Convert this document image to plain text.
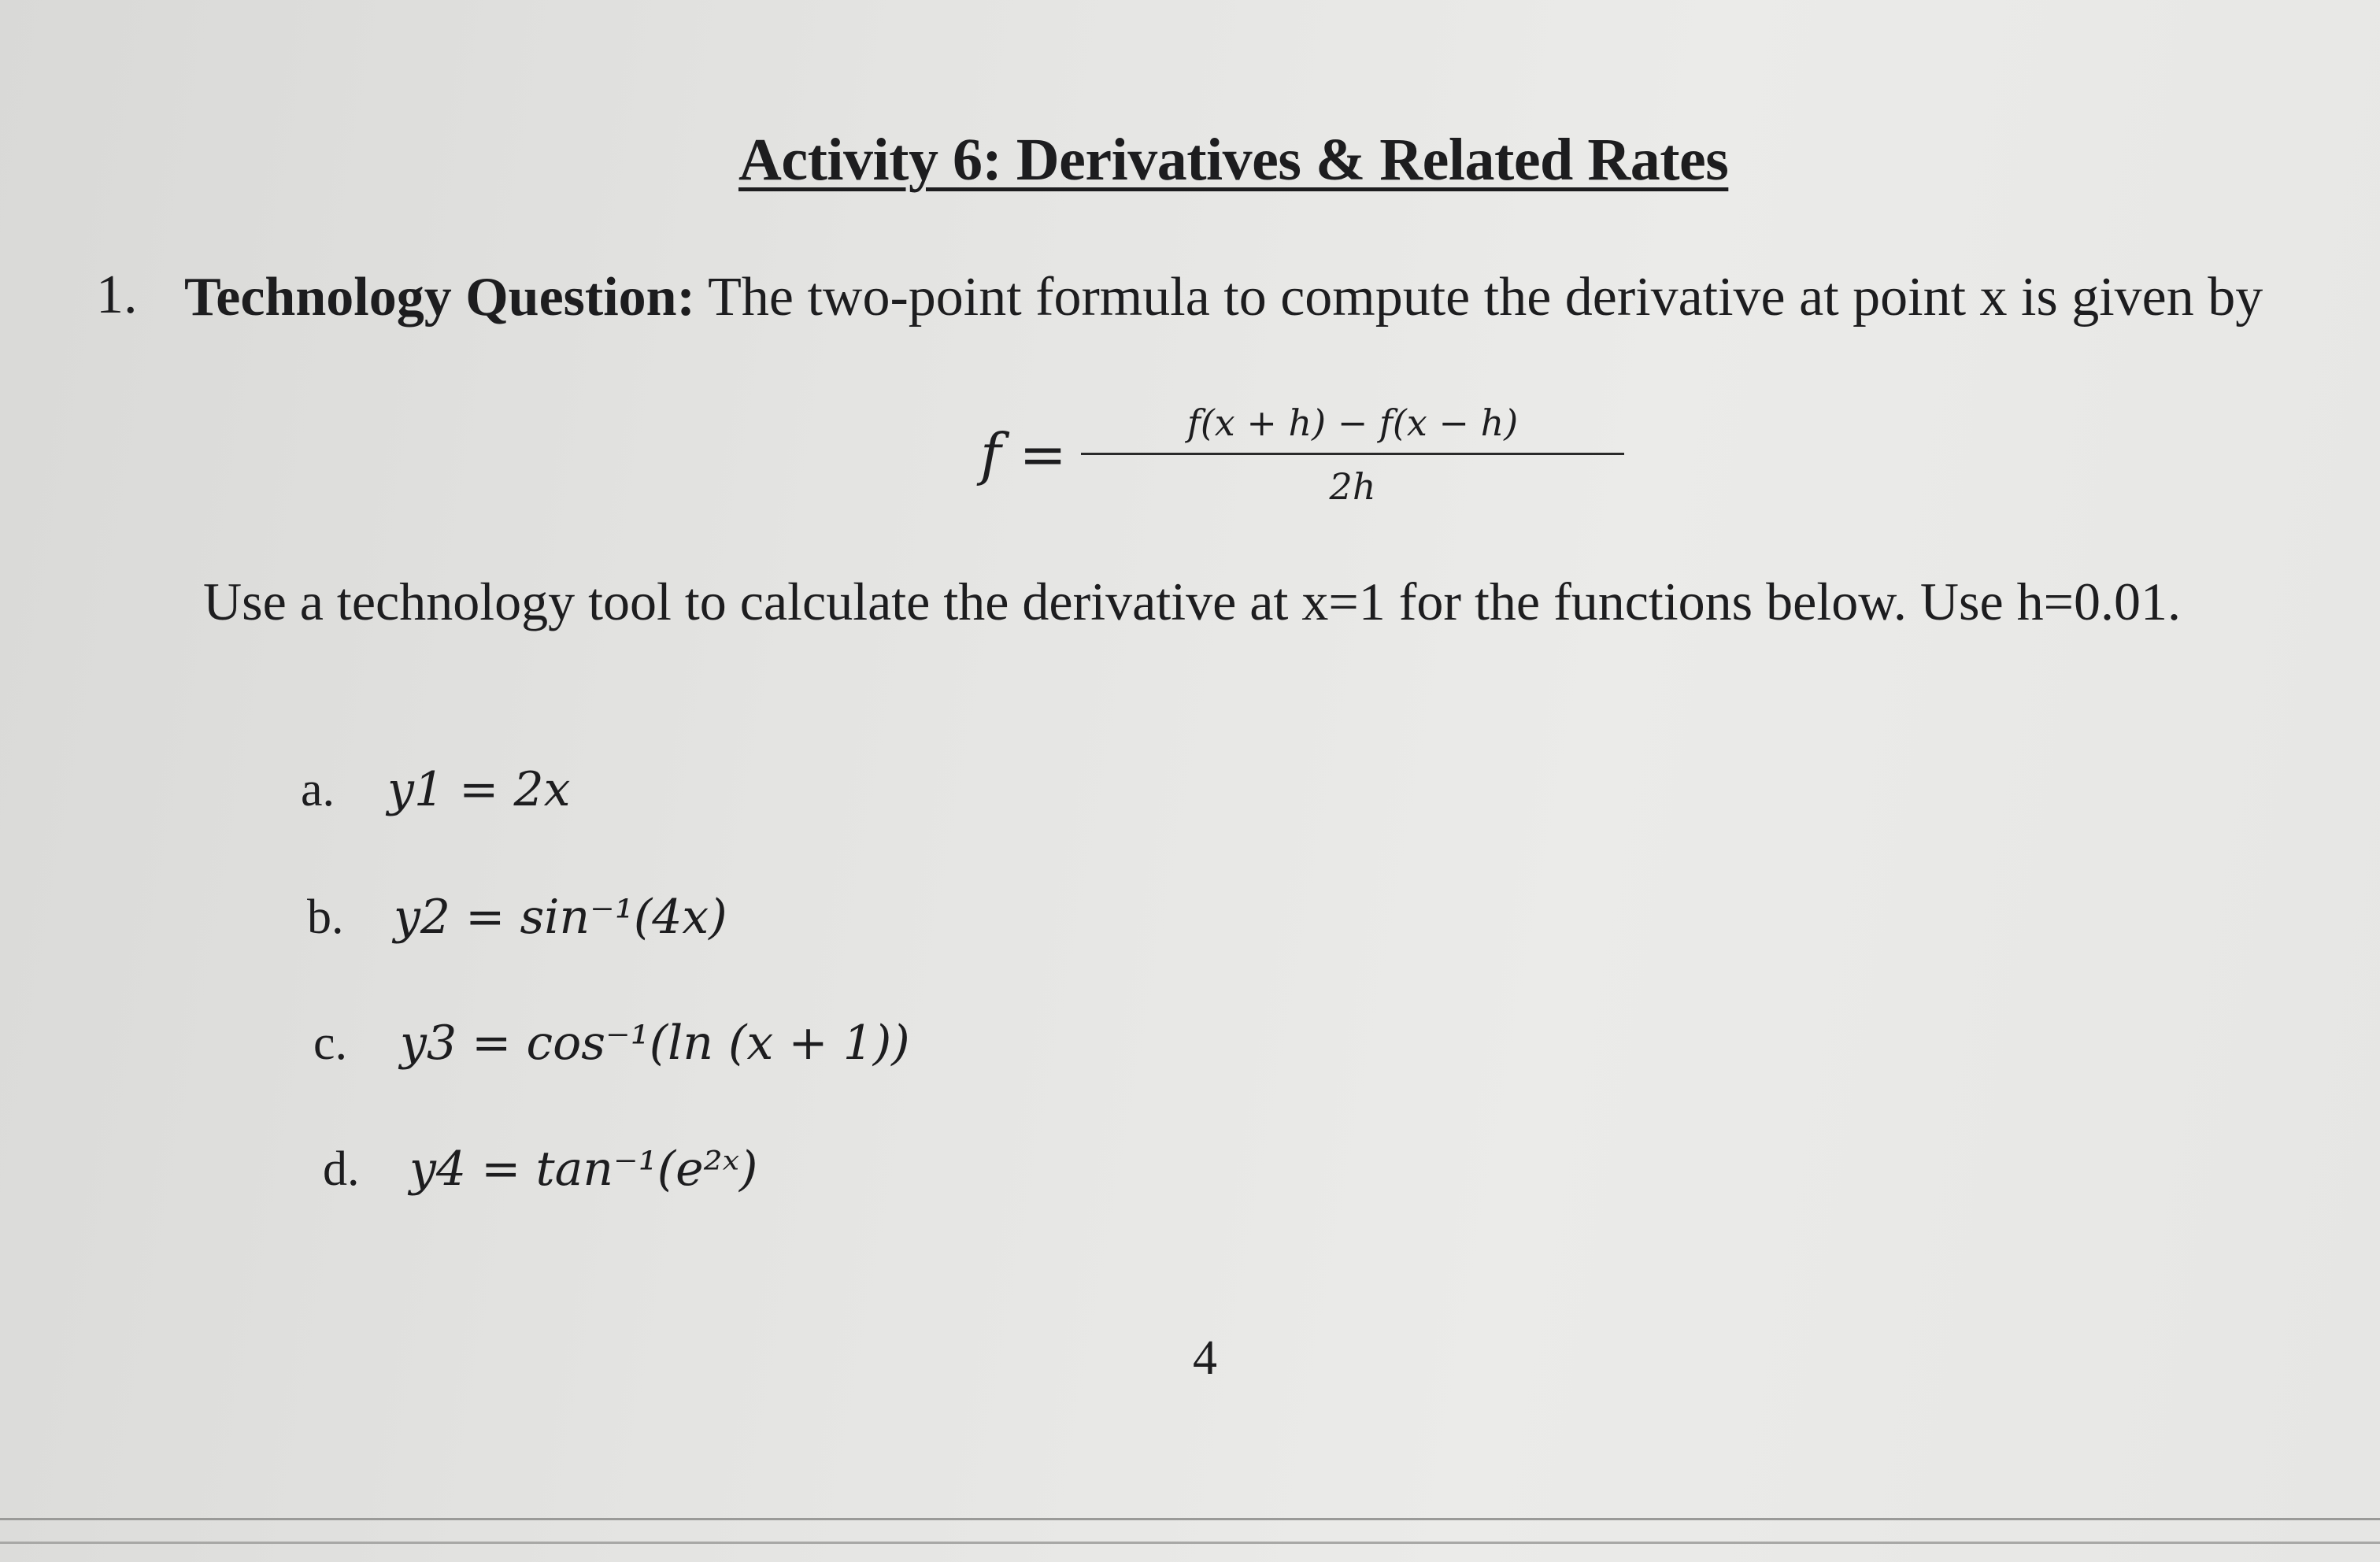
Activity 6: Derivatives & Related Rates
1. Technology Question: The two-point formula to compute the derivative at point x is given by
f =	f(x + h) − f(x − h)
2h
Use a technology tool to calculate the derivative at x=1 for the functions below. Use h=0.01.
a. y1 = 2x
b. y2 = sin⁻¹(4x)
c. y3 = cos⁻¹(ln (x + 1))
d. y4 = tan⁻¹(e²ˣ)
4
